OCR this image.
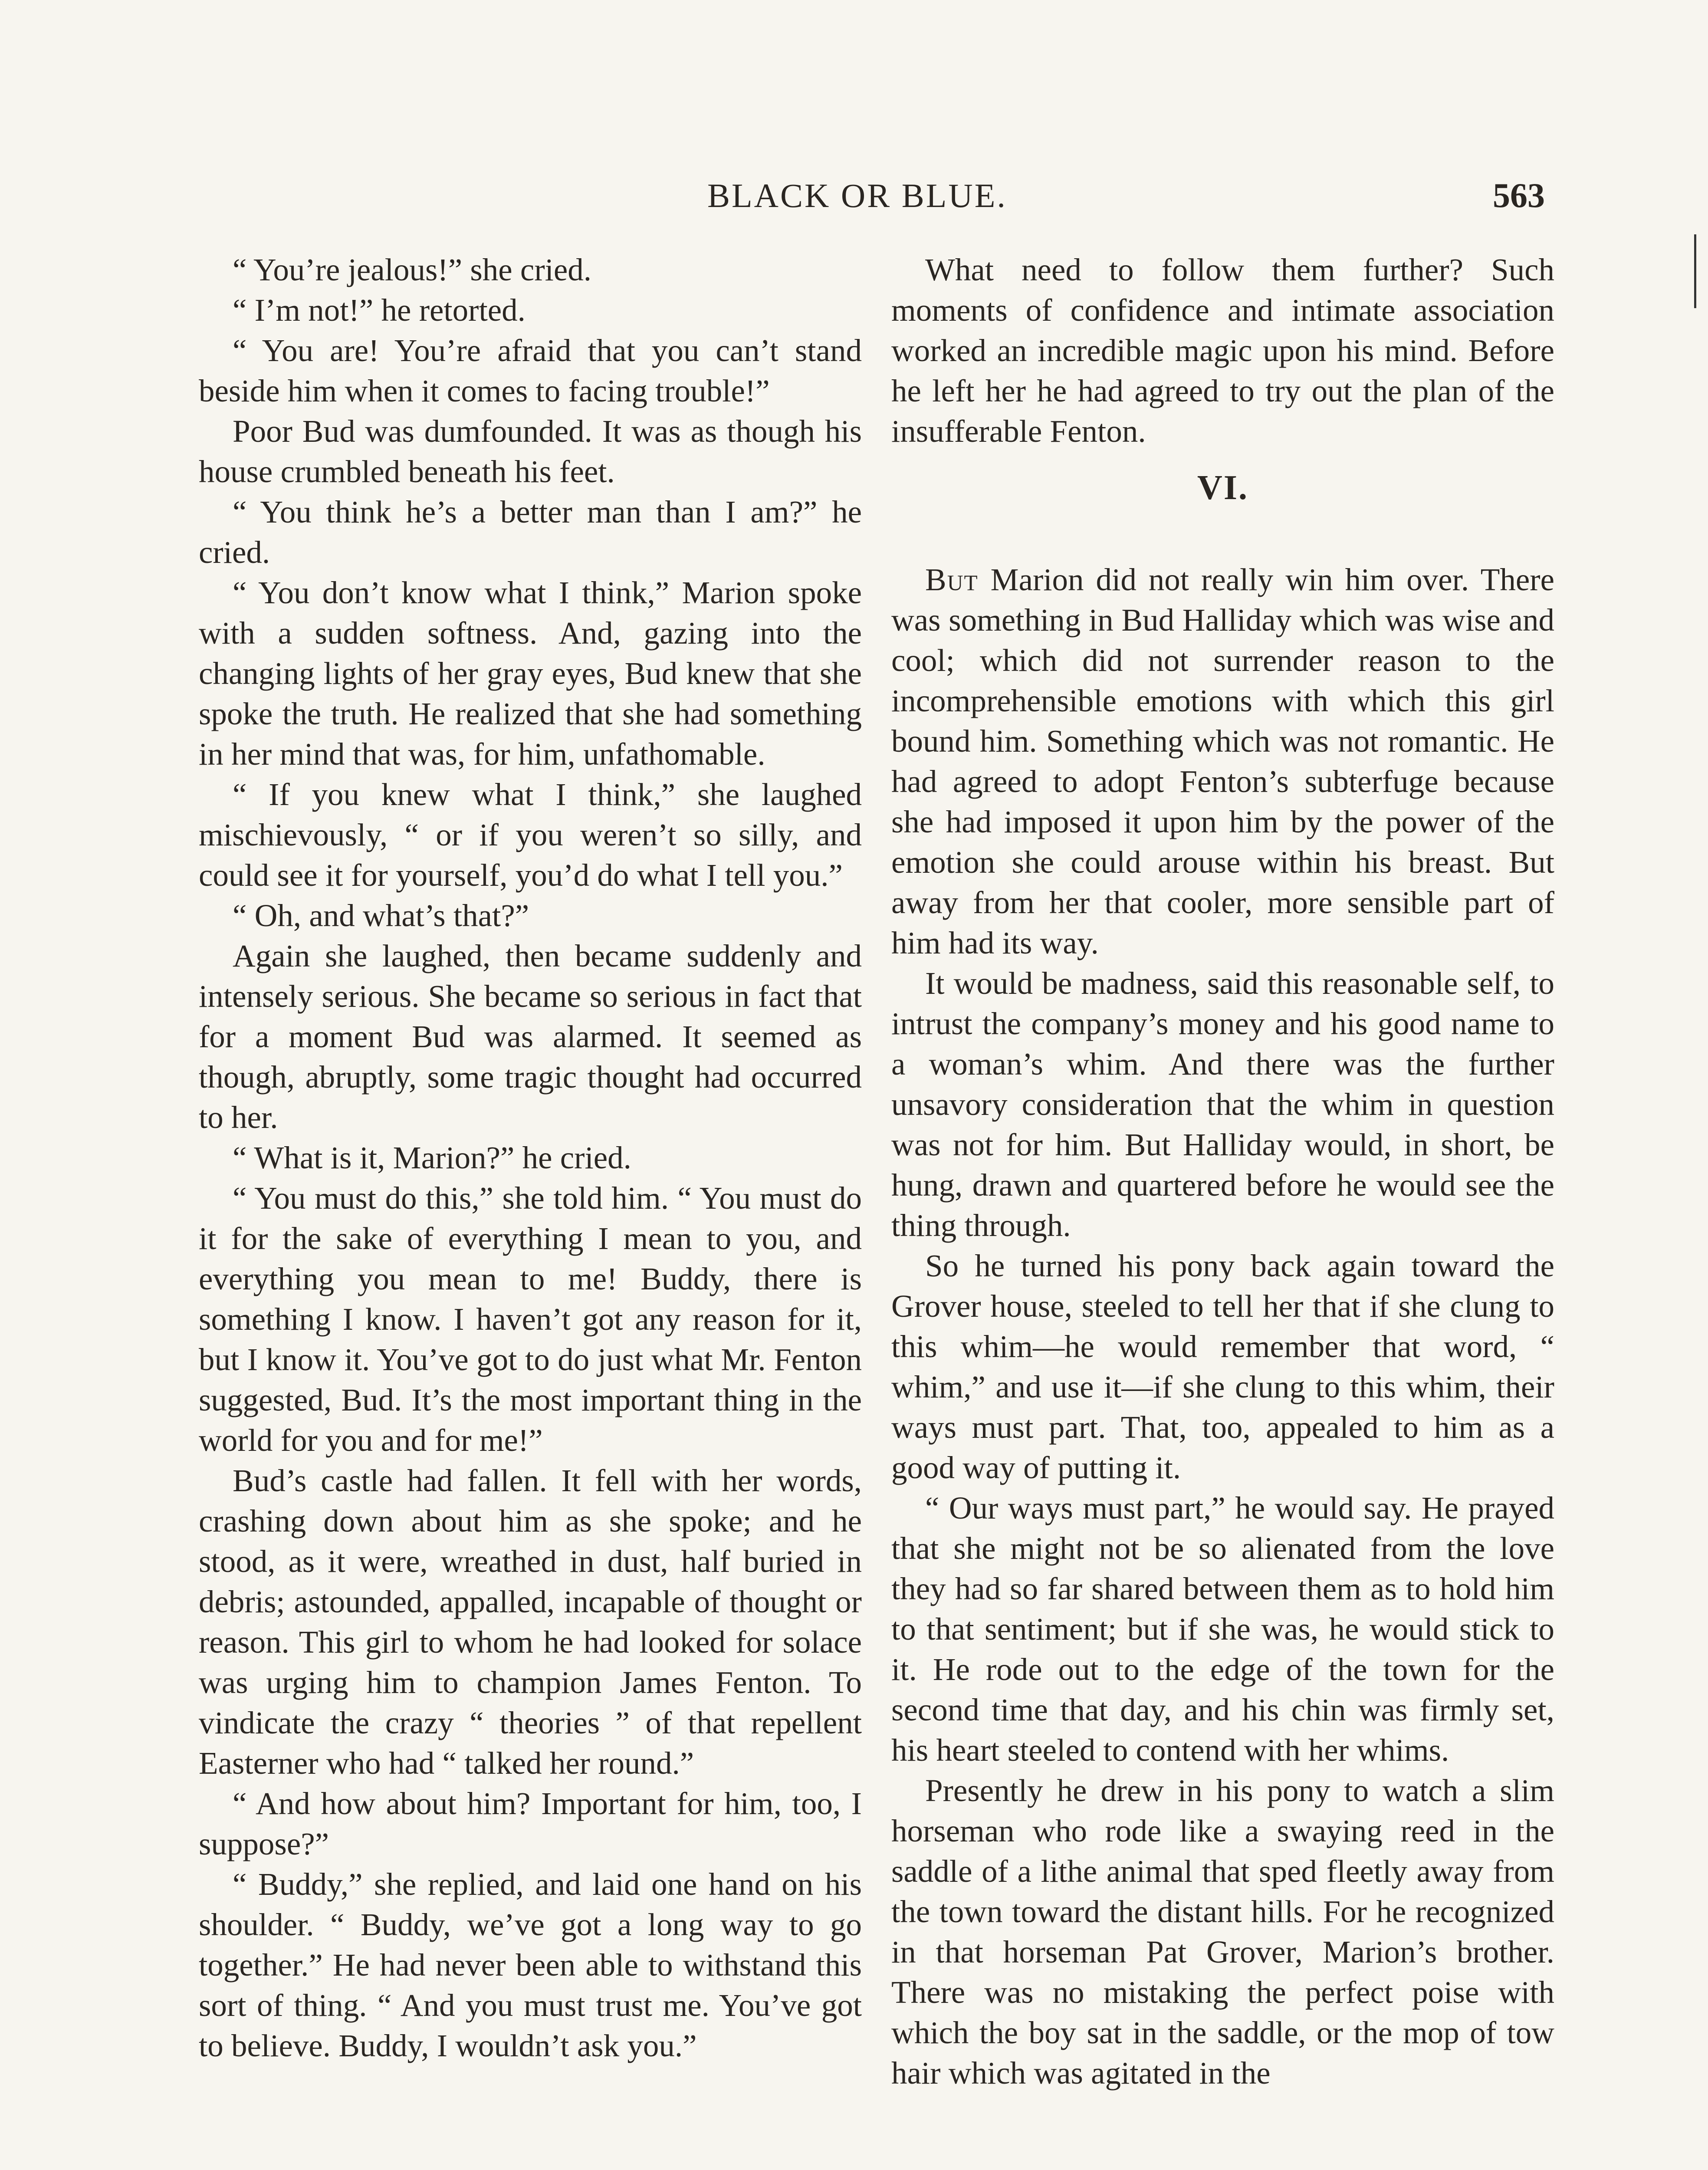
BLACK OR BLUE.	563

“ You’re jealous!” she cried.

“ I’m not!” he retorted.

“ You are! You’re afraid that you can’t stand beside him when it comes to facing trouble!”

Poor Bud was dumfounded. It was as though his house crumbled beneath his feet.

“ You think he’s a better man than I am?” he cried.

“ You don’t know what I think,” Marion spoke with a sudden softness. And, gazing into the changing lights of her gray eyes, Bud knew that she spoke the truth. He realized that she had something in her mind that was, for him, unfathomable.

“ If you knew what I think,” she laughed mischievously, “ or if you weren’t so silly, and could see it for yourself, you’d do what I tell you.”

“ Oh, and what’s that?”

Again she laughed, then became suddenly and intensely serious. She became so serious in fact that for a moment Bud was alarmed. It seemed as though, abruptly, some tragic thought had occurred to her.

“ What is it, Marion?” he cried.

“ You must do this,” she told him. “ You must do it for the sake of everything I mean to you, and everything you mean to me! Buddy, there is something I know. I haven’t got any reason for it, but I know it. You’ve got to do just what Mr. Fenton suggested, Bud. It’s the most important thing in the world for you and for me!”

Bud’s castle had fallen. It fell with her words, crashing down about him as she spoke; and he stood, as it were, wreathed in dust, half buried in debris; astounded, appalled, incapable of thought or reason. This girl to whom he had looked for solace was urging him to champion James Fenton. To vindicate the crazy “ theories ” of that repellent Easterner who had “ talked her round.”

“ And how about him? Important for him, too, I suppose?”

“ Buddy,” she replied, and laid one hand on his shoulder. “ Buddy, we’ve got a long way to go together.” He had never been able to withstand this sort of thing. “ And you must trust me. You’ve got to believe. Buddy, I wouldn’t ask you.”

What need to follow them further? Such moments of confidence and intimate association worked an incredible magic upon his mind. Before he left her he had agreed to try out the plan of the insufferable Fenton.

VI.

But Marion did not really win him over. There was something in Bud Halliday which was wise and cool; which did not surrender reason to the incomprehensible emotions with which this girl bound him. Something which was not romantic. He had agreed to adopt Fenton’s subterfuge because she had imposed it upon him by the power of the emotion she could arouse within his breast. But away from her that cooler, more sensible part of him had its way.

It would be madness, said this reasonable self, to intrust the company’s money and his good name to a woman’s whim. And there was the further unsavory consideration that the whim in question was not for him. But Halliday would, in short, be hung, drawn and quartered before he would see the thing through.

So he turned his pony back again toward the Grover house, steeled to tell her that if she clung to this whim—he would remember that word, “ whim,” and use it—if she clung to this whim, their ways must part. That, too, appealed to him as a good way of putting it.

“ Our ways must part,” he would say. He prayed that she might not be so alienated from the love they had so far shared between them as to hold him to that sentiment; but if she was, he would stick to it. He rode out to the edge of the town for the second time that day, and his chin was firmly set, his heart steeled to contend with her whims.

Presently he drew in his pony to watch a slim horseman who rode like a swaying reed in the saddle of a lithe animal that sped fleetly away from the town toward the distant hills. For he recognized in that horseman Pat Grover, Marion’s brother. There was no mistaking the perfect poise with which the boy sat in the saddle, or the mop of tow hair which was agitated in the
